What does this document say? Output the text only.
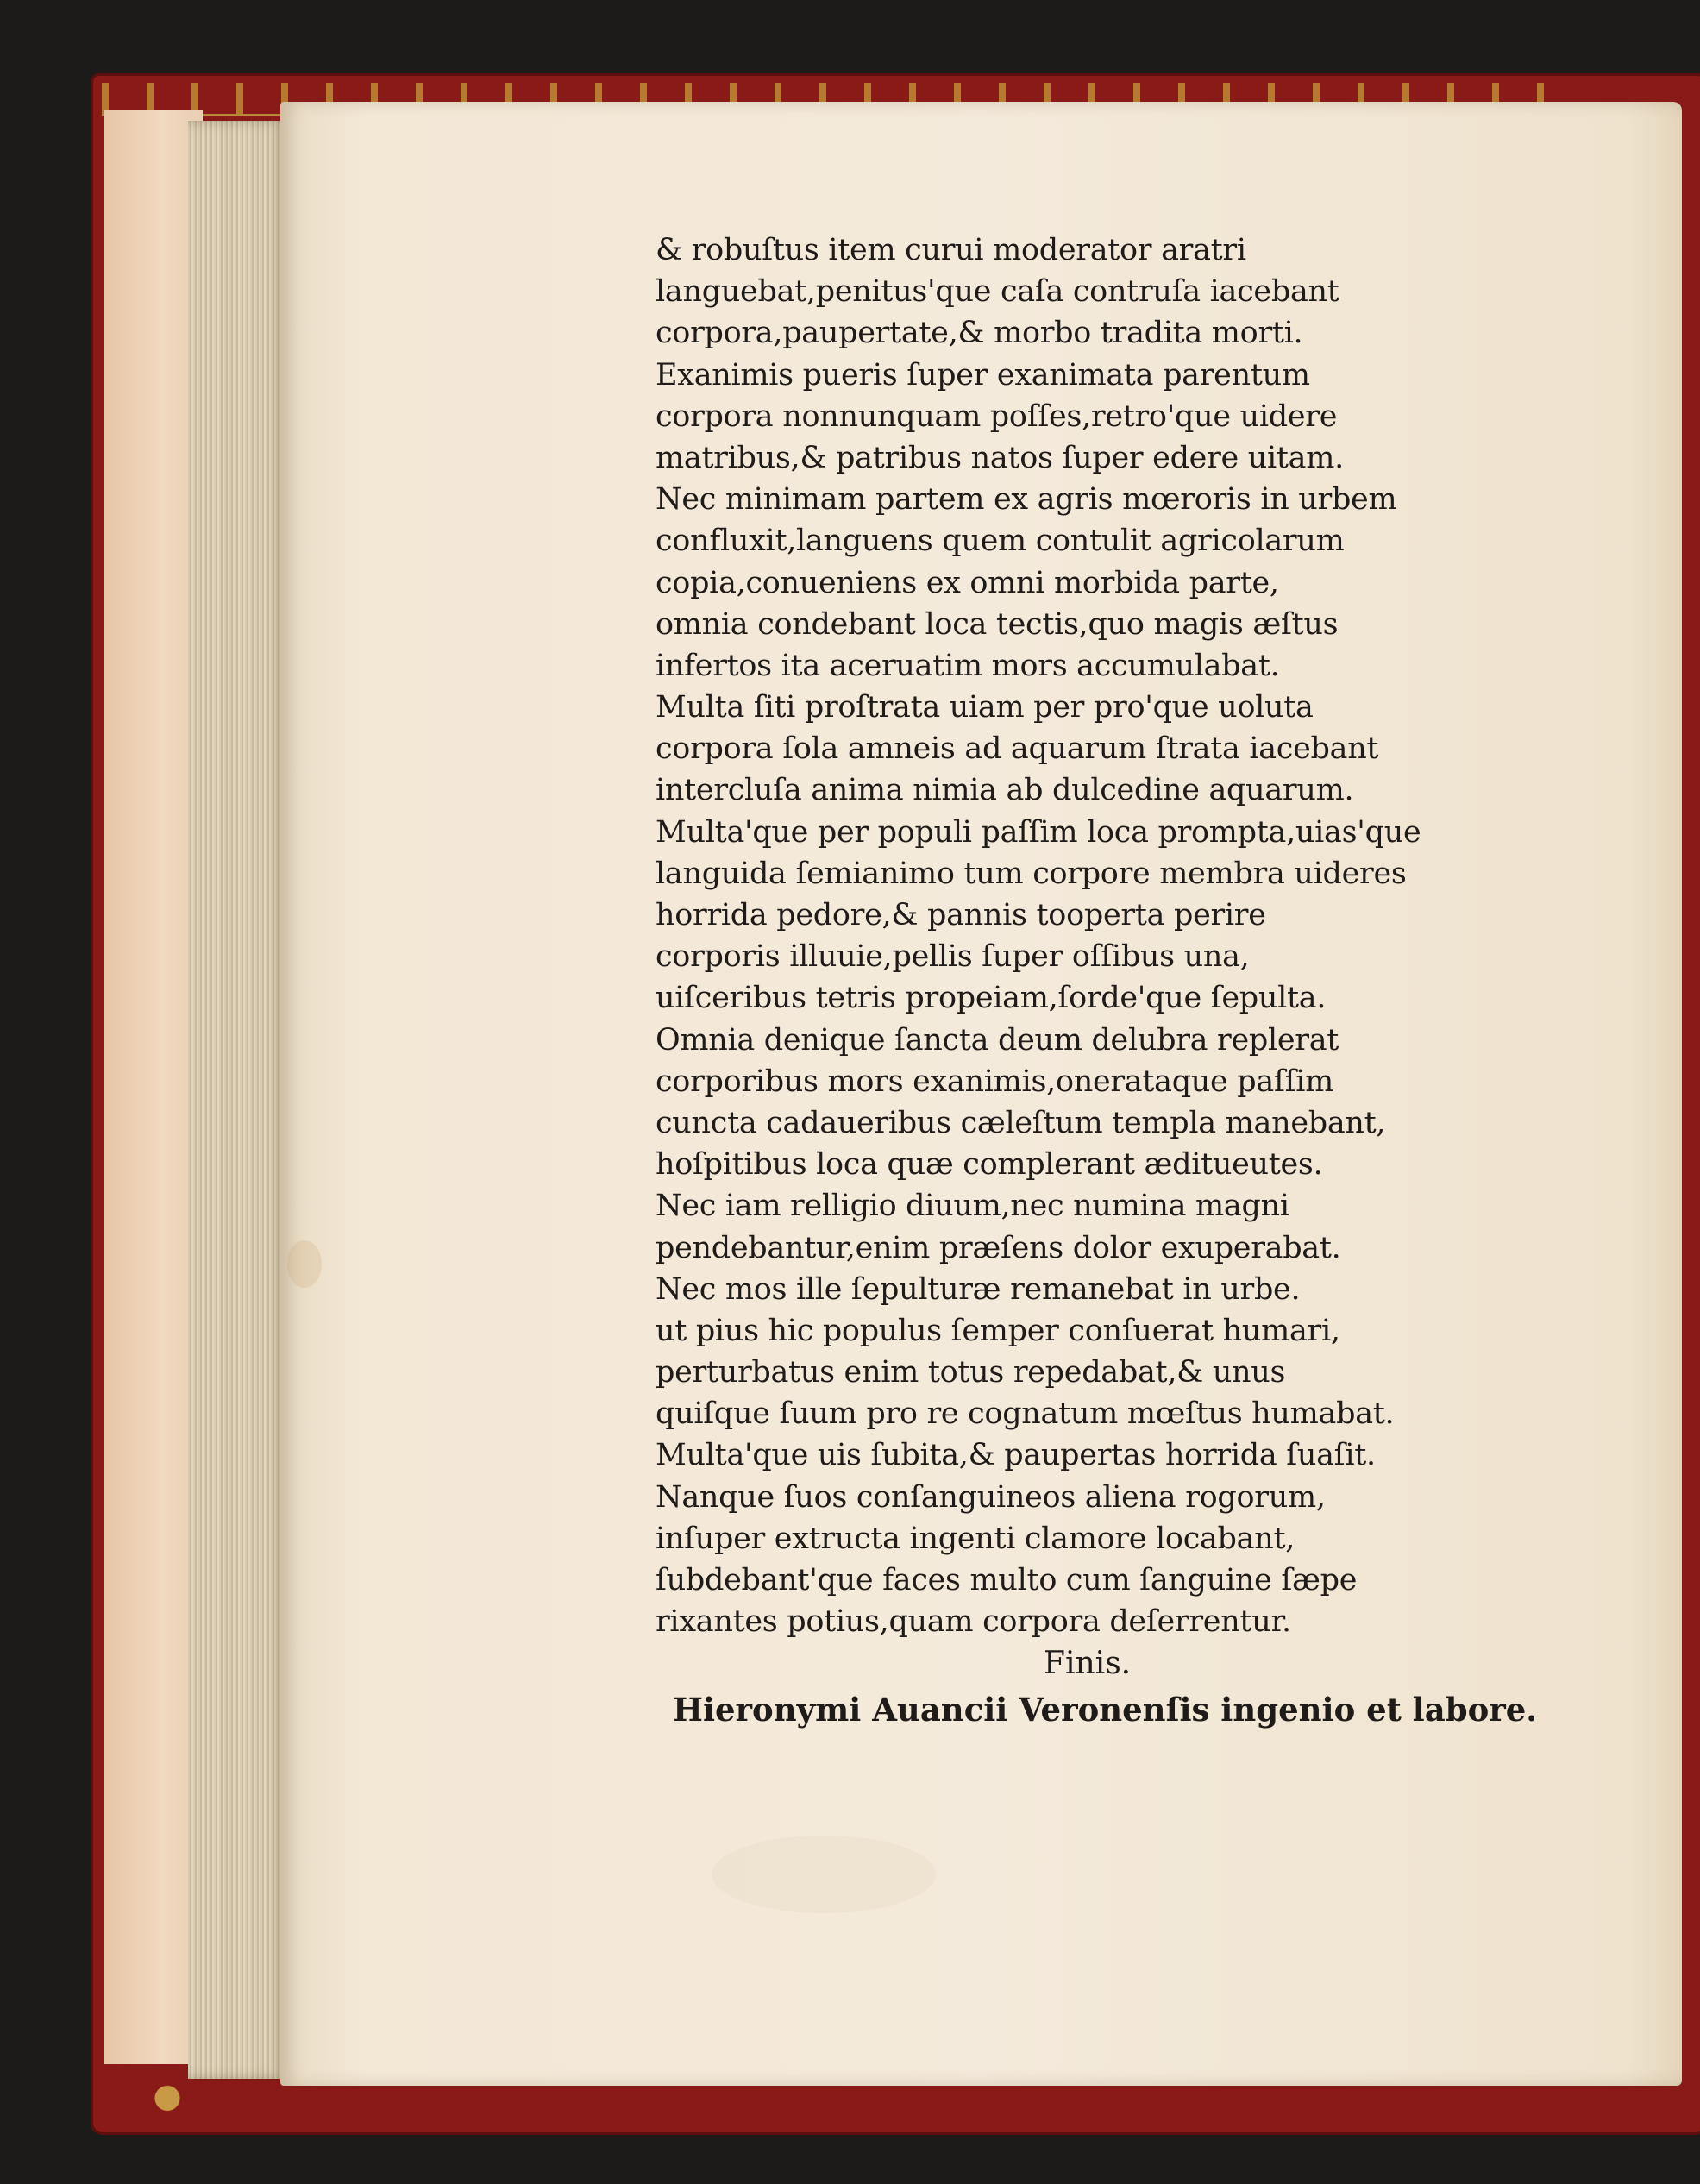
& robuſtus item curui moderator aratri
languebat,penitus'que caſa contruſa iacebant
corpora,paupertate,& morbo tradita morti.
Exanimis pueris ſuper exanimata parentum
corpora nonnunquam poſſes,retro'que uidere
matribus,& patribus natos ſuper edere uitam.
Nec minimam partem ex agris mœroris in urbem
confluxit,languens quem contulit agricolarum
copia,conueniens ex omni morbida parte,
omnia condebant loca tectis,quo magis æſtus
infertos ita aceruatim mors accumulabat.
Multa ſiti proſtrata uiam per pro'que uoluta
corpora ſola amneis ad aquarum ſtrata iacebant
intercluſa anima nimia ab dulcedine aquarum.
Multa'que per populi paſſim loca prompta,uias'que
languida ſemianimo tum corpore membra uideres
horrida pedore,& pannis tooperta perire
corporis illuuie,pellis ſuper oſſibus una,
uiſceribus tetris propeiam,ſorde'que ſepulta.
Omnia denique ſancta deum delubra replerat
corporibus mors exanimis,onerataque paſſim
cuncta cadaueribus cæleſtum templa manebant,
hoſpitibus loca quæ complerant æditueutes.
Nec iam relligio diuum,nec numina magni
pendebantur,enim præſens dolor exuperabat.
Nec mos ille ſepulturæ remanebat in urbe.
ut pius hic populus ſemper conſuerat humari,
perturbatus enim totus repedabat,& unus
quiſque ſuum pro re cognatum mœſtus humabat.
Multa'que uis ſubita,& paupertas horrida ſuaſit.
Nanque ſuos conſanguineos aliena rogorum,
inſuper extructa ingenti clamore locabant,
ſubdebant'que faces multo cum ſanguine ſæpe
rixantes potius,quam corpora deſerrentur.
Finis.
Hieronymi Auancii Veronenſis ingenio et labore.
